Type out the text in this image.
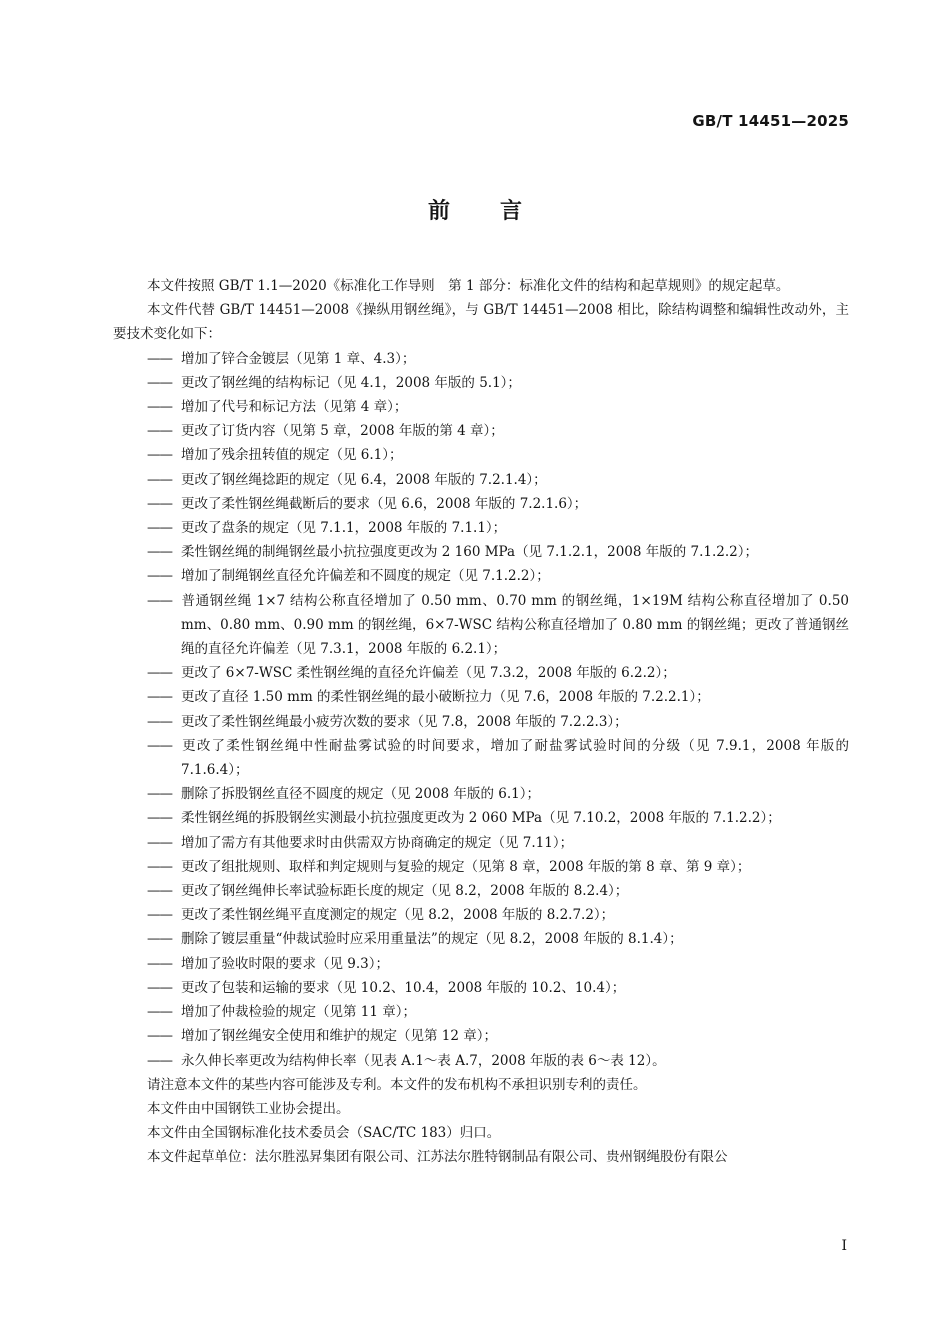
GB/T 14451—2025
前言

本文件按照 GB/T 1.1—2020《标准化工作导则　第 1 部分：标准化文件的结构和起草规则》的规定起草。

本文件代替 GB/T 14451—2008《操纵用钢丝绳》，与 GB/T 14451—2008 相比，除结构调整和编辑性改动外，主要技术变化如下：

—— 增加了锌合金镀层（见第 1 章、4.3）；

—— 更改了钢丝绳的结构标记（见 4.1，2008 年版的 5.1）；

—— 增加了代号和标记方法（见第 4 章）；

—— 更改了订货内容（见第 5 章，2008 年版的第 4 章）；

—— 增加了残余扭转值的规定（见 6.1）；

—— 更改了钢丝绳捻距的规定（见 6.4，2008 年版的 7.2.1.4）；

—— 更改了柔性钢丝绳截断后的要求（见 6.6，2008 年版的 7.2.1.6）；

—— 更改了盘条的规定（见 7.1.1，2008 年版的 7.1.1）；

—— 柔性钢丝绳的制绳钢丝最小抗拉强度更改为 2 160 MPa（见 7.1.2.1，2008 年版的 7.1.2.2）；

—— 增加了制绳钢丝直径允许偏差和不圆度的规定（见 7.1.2.2）；

—— 普通钢丝绳 1×7 结构公称直径增加了 0.50 mm、0.70 mm 的钢丝绳，1×19M 结构公称直径增加了 0.50 mm、0.80 mm、0.90 mm 的钢丝绳，6×7-WSC 结构公称直径增加了 0.80 mm 的钢丝绳；更改了普通钢丝绳的直径允许偏差（见 7.3.1，2008 年版的 6.2.1）；

—— 更改了 6×7-WSC 柔性钢丝绳的直径允许偏差（见 7.3.2，2008 年版的 6.2.2）；

—— 更改了直径 1.50 mm 的柔性钢丝绳的最小破断拉力（见 7.6，2008 年版的 7.2.2.1）；

—— 更改了柔性钢丝绳最小疲劳次数的要求（见 7.8，2008 年版的 7.2.2.3）；

—— 更改了柔性钢丝绳中性耐盐雾试验的时间要求，增加了耐盐雾试验时间的分级（见 7.9.1，2008 年版的 7.1.6.4）；

—— 删除了拆股钢丝直径不圆度的规定（见 2008 年版的 6.1）；

—— 柔性钢丝绳的拆股钢丝实测最小抗拉强度更改为 2 060 MPa（见 7.10.2，2008 年版的 7.1.2.2）；

—— 增加了需方有其他要求时由供需双方协商确定的规定（见 7.11）；

—— 更改了组批规则、取样和判定规则与复验的规定（见第 8 章，2008 年版的第 8 章、第 9 章）；

—— 更改了钢丝绳伸长率试验标距长度的规定（见 8.2，2008 年版的 8.2.4）；

—— 更改了柔性钢丝绳平直度测定的规定（见 8.2，2008 年版的 8.2.7.2）；

—— 删除了镀层重量“仲裁试验时应采用重量法”的规定（见 8.2，2008 年版的 8.1.4）；

—— 增加了验收时限的要求（见 9.3）；

—— 更改了包装和运输的要求（见 10.2、10.4，2008 年版的 10.2、10.4）；

—— 增加了仲裁检验的规定（见第 11 章）；

—— 增加了钢丝绳安全使用和维护的规定（见第 12 章）；

—— 永久伸长率更改为结构伸长率（见表 A.1～表 A.7，2008 年版的表 6～表 12）。

请注意本文件的某些内容可能涉及专利。本文件的发布机构不承担识别专利的责任。

本文件由中国钢铁工业协会提出。

本文件由全国钢标准化技术委员会（SAC/TC 183）归口。

本文件起草单位：法尔胜泓昇集团有限公司、江苏法尔胜特钢制品有限公司、贵州钢绳股份有限公

I
